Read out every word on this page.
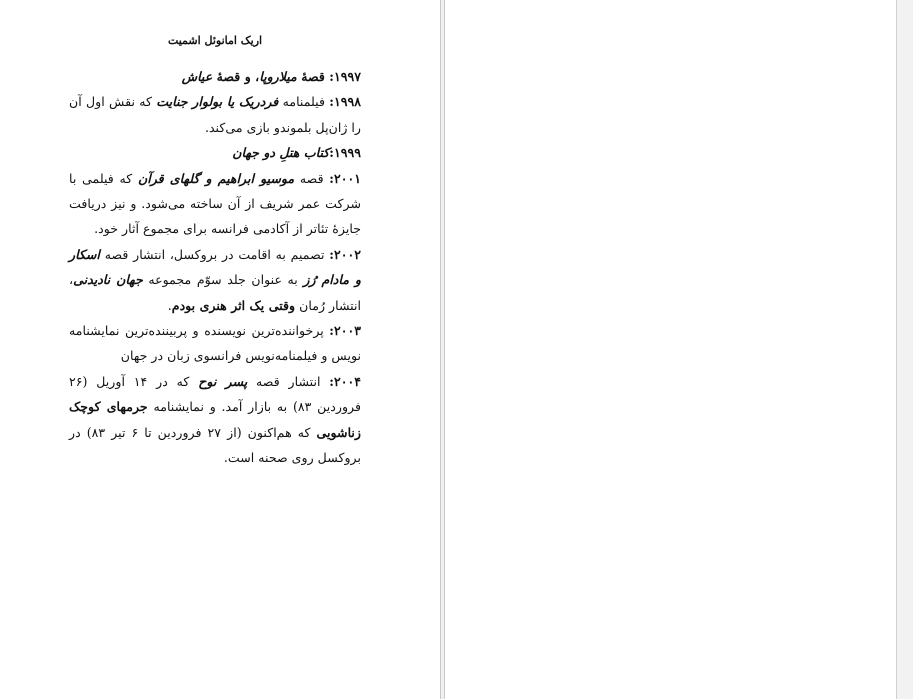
اریک امانوئل اشمیت

۱۹۹۷: قصهٔ میلاروپا، و قصهٔ عیاش

۱۹۹۸: فیلمنامه فردریک یا بولوار جنایت که نقش اول آن را ژان‌پل بلموندو بازی می‌کند.

۱۹۹۹:کتاب هتلِ دو جهان

۲۰۰۱: قصه موسیو ابراهیم و گلهای قرآن که فیلمی با شرکت عمر شریف از آن ساخته می‌شود. و نیز دریافت جایزهٔ تئاتر از آکادمی فرانسه برای مجموع آثار خود.

۲۰۰۲: تصمیم به اقامت در بروکسل، انتشار قصه اسکار و مادام رُز به عنوان جلد سوّم مجموعه جهان نادیدنی، انتشار رُمان وقتی یک اثر هنری بودم.

۲۰۰۳: پرخواننده‌ترین نویسنده و پربیننده‌ترین نمایشنامه نویس و فیلمنامه‌نویس فرانسوی زبان در جهان

۲۰۰۴: انتشار قصه پسر نوح که در ۱۴ آوریل (۲۶ فروردین ۸۳) به بازار آمد. و نمایشنامه جرمهای کوچک زناشویی که هم‌اکنون (از ۲۷ فروردین تا ۶ تیر ۸۳) در بروکسل روی صحنه است.
